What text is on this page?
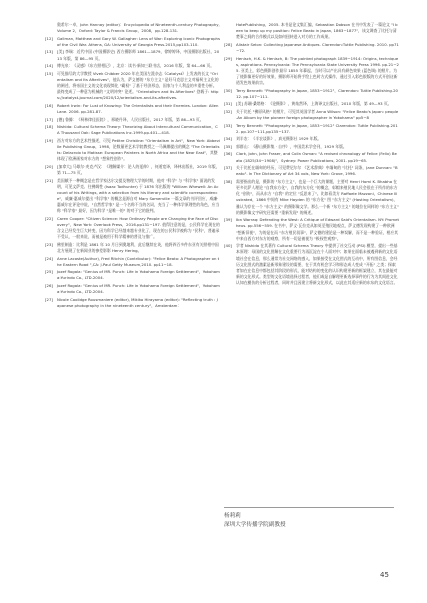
奥希尔一卓，John Hannay (editor)：Encyclopedia of Nineteenth-century Photography, Volume 2，Oxford: Taylor & Francis Group，2008，pp.128-131.

[12] Gallman, Matthew and Gary W. Gallagher: Lens of War: Exploring Iconic Photographs of the Civil War. Athens, GA: University of Georgia Press.2015,pp103-110.

[13] [美] 李瑞：近代中国 (中国摄影史) 西方摄影师 1861—1879，徐婷婷译，中国摄影出版社，2013 年版，第 86—95 页。

[14] 傅光泉：《灵感》《东方照相记》，北京：读书·新知三联书店，2016 年版，第 64—66 页。

[15] 可见描写约大学教授 Vivek Chibber 2020 年在美国左派杂志《Catalyst》上发表的长文 "Orientalism and Its Afterlives"，他认为，萨义德的 "东方主义" 是好马克思主义对福柯主义化的的阐述，将帝国主义的文化表现简化 "霸权" 了基于经济形态，国家与个人利益的多重性分析。最终变成了一种意为机械的 "文明冲突" 论述。"Orientalism and Its Afterlives" 登载于: https://catalyst-journal.com/2020/12/orientalism-and-its-afterlives.

[16] Robert Irwin: For Lust of Knowing: The Orientalists and their Enemies. London: Allen Lane. 2006. pp.281-87.

[17] [德] 鲁滕：《柯林律佳医院》，邢晓丹译，人民出版社，2017 年版，第 86—93 页。

[18] Nishida: Cultural Schema Theory: Theorizing About Intercultural Communication，CA Thousand Oak: Sage Publications Inc.1999.pp.401—418.

[19] 西方对东方的艺术性描述，可见 Petitre Christine: "Orientalism in Art"，New York: Abbeville Publishing Group，1998，论数量更艺术学院教授之一马佩娜提出的概念 "The Orientalists: Delacroix to Matisse: European Painters in North Africa and the Near East"，其整体现了欧洲画家对东方的 "想象性创作"。

[20] [加拿大] 马歇尔·麦克卢汉：《理解媒介：论人的延伸》，何道宽译，译林出版社，2019 年版，第 71—75 页。

[21] 美国赋予一种概念是在哲学家达尔文提及物理大学的时期，他对 "科学" 与 "科学家" 面说的发明，可见文萨克、往佛姆性 (Isaac Todhunter) 于 1876 年出版的 "William Whewell: An Account of his Writings, with a selection from his literary and scientific correspondence"，威廉·惠威尔提出 "科学家" 的概念是源自对 Mary Somerville 一篇文章的书评回应，威廉·惠威尔在评论中说，"自然哲学家" 是一个名称不当的名词，充当了一种体学原理性的角色，应当称 "科学家" 最好，因为科学 "是唯一的" 的对于它的批判。

[22] Caren Cooper: "Citizen Science: How Ordinary People are Changing the Face of Discovery"，New York: Overlook Press，2016.pp131−197. 值得注意的是，公民科学在现在的含义已经发生巨大转变，因为科学已经越来越专业化了，现在的公民科学被称为 "民科"，普遍承不受认，一般来说，而被是被用于科学精神的普及与推广。

[23] 佛里制造：比利是 1861 年 10 月日到奥地利，此后继续在英，他将四百多件东亚有关照相中国北方展现了在新闻业的参差影影 Henry Hering。

[24] Anne Lacoste(Author), Fred Ritchin (Contributor): "Felice Beato: A Photographer on the Eastern Road ",CA: J.Paul Getty Museum,2010. pp11−18.

[25] Jozef Rogala: "Genius of MR. Punch: Life in Yokohama Foreign Settlement"，Yokohama:Yurindo Co., LTD.2004.

[26] Jozef Rogala: "Genius of MR. Punch: Life in Yokohama Foreign Settlement"，Yokohama:Yurindo Co., LTD.2004.

[27] Nicole Coolidge Rousmaniere (editor), Mikiko Hirayama (editor): "Reflecting truth : Japanese photography in the nineteenth century"，Amsterdam：

HotePublishing，2005. 本书是论文集汇编，Sebastian Dobson 在书中发表了一篇论文 "I been to keep up my position: Felice Beato in Japan, 1863−1877"，该文调查了比托与清楚事之间的合作模式以及如何扭转进入对方的工作成果。

[28] Alistair Selon: Collecting Japanese Antiques. Clarendon:Tuttle Publishing. 2010. pp71−72.

[29] Henisch, H.K. & Henisch, B: The painted photograph 1839−1914: Origins, techniques, aspirations. Pennsylvania: The Pennsylvania State University Press 1996. pp.21−25. 亚美上，彩色摄影创作最早 1855 年摹起，当时可以产出具有颜色效果 (蓝色调) 的照片。为了使影像更好的好效果，摄影师开始将手绘上色时方式操作，通过引入彩色银版的方式开创这新道发色效果前宗。

[30] Terry Bennett: "Photography in Japan, 1853−1912"，Clarendon: Tuttle Publishing.2012. pp.107−111.

[31] [美] 苏珊·桑塔格：《论摄影》，黄灿然译，上海译文出版社，2010 年版，第 49—93 页。

[32] 关于比托 "佛原风格" 的照片，可见其英国学者 Anna Wilson: "Felice Beato's Japan: people-An Album by the pioneer foreign photographer in Yokohama" pp5−8

[33] Terry Bennett: "Photography in Japan, 1853−1912" Clarendon: Tuttle Publishing.2012. pp.107−111,pp135−137.

[34] 刘半农：《半农谈影》，真光摄影社 1929 年版。

[35] 郭群山：《静山摄影集 · 自序》，中国美术学会刊，1929 年版。

[36] Clark, John, John Fraser, and Colin Osman: "A revised chronology of Felice (Felix) Beato (1825/34−1908)"，Sydney: Power Publications, 2001. pp19−65.

[37] 关于比托在缅甸的经历，可见费尼尔尔 《艺术辞典》中缅甸的 "比托" 词条，Jane Dunnan: "Beato". In The Dictionary of Art 34 vols, New York: Grove, 1996.

[38] 需要指出的是，摄影的 "东方主义"，也是一个巨大的课题，主要对 Henri Homi K. Bhabha 在更多比萨人理论 "自我东方化"，自我的东方化 "的概念，彰帽来殖民地人民会很在于所作的东方化 "创伤"，而从东方 "自我" 的定位 "反思来了"。比如看美方 Raffaele Mazzoni，Chinese Illustrated，1866 中间有 Mike Hayden 的 "东方化" 图 "东方主义" (Hasting Orientalism)，雅认为存在一个 "东方主义" 的摄影像文学。那么一个新 "东方主义" 的地位在同样的 "东方主义" 的摄影像文字研究还需要 "重新发现" 的阐述。

[39] Ibn Warraq: Defending the West: A Critique of Edward Said's Orientalism. NY: Prometheus. pp.556−559. 在书中，萨义·瓦拉克从如英至殖民地观点，萨义德发现构建了一种欧洲 "想新旧视"，为的是在而 "东方殖民叙事"，萨义德的建论是一种误解，而不是一种验证，相应其中来自西方对东方的观察，所有一切是被视为 "极权性观察"。

[40] 学者 Nishida 在其著作 Cultural Schema Theory 中提供了社交互动 (PSI) 模型，提出一些基本原理：母国的文化图解在文化重要行为再沉淀在个人面对中；如果在面临未被遇到新的文化语境社会在信息，那么通常为社交网络的感入，如果接受在文化图式的互动中，所有图信息，会经历文化图式的激素是新形象建设的需要，在于其有机会学习和形态成人变成 "开拓" 之类；探索者如在在信息中都包括其阶段的形式，能对结构的变化的认识构建更新的框架建立，其在最能对新的文化形式。类型的文化语境选择过程者，他们或是自解理更新选择事件的行为为其间进文化认知在模仿的分析过程者，同时并且因建立将新文化形式，以此在其适应新的东东的文化语言。

杨莉莉
深圳大学传播学院副教授
45
